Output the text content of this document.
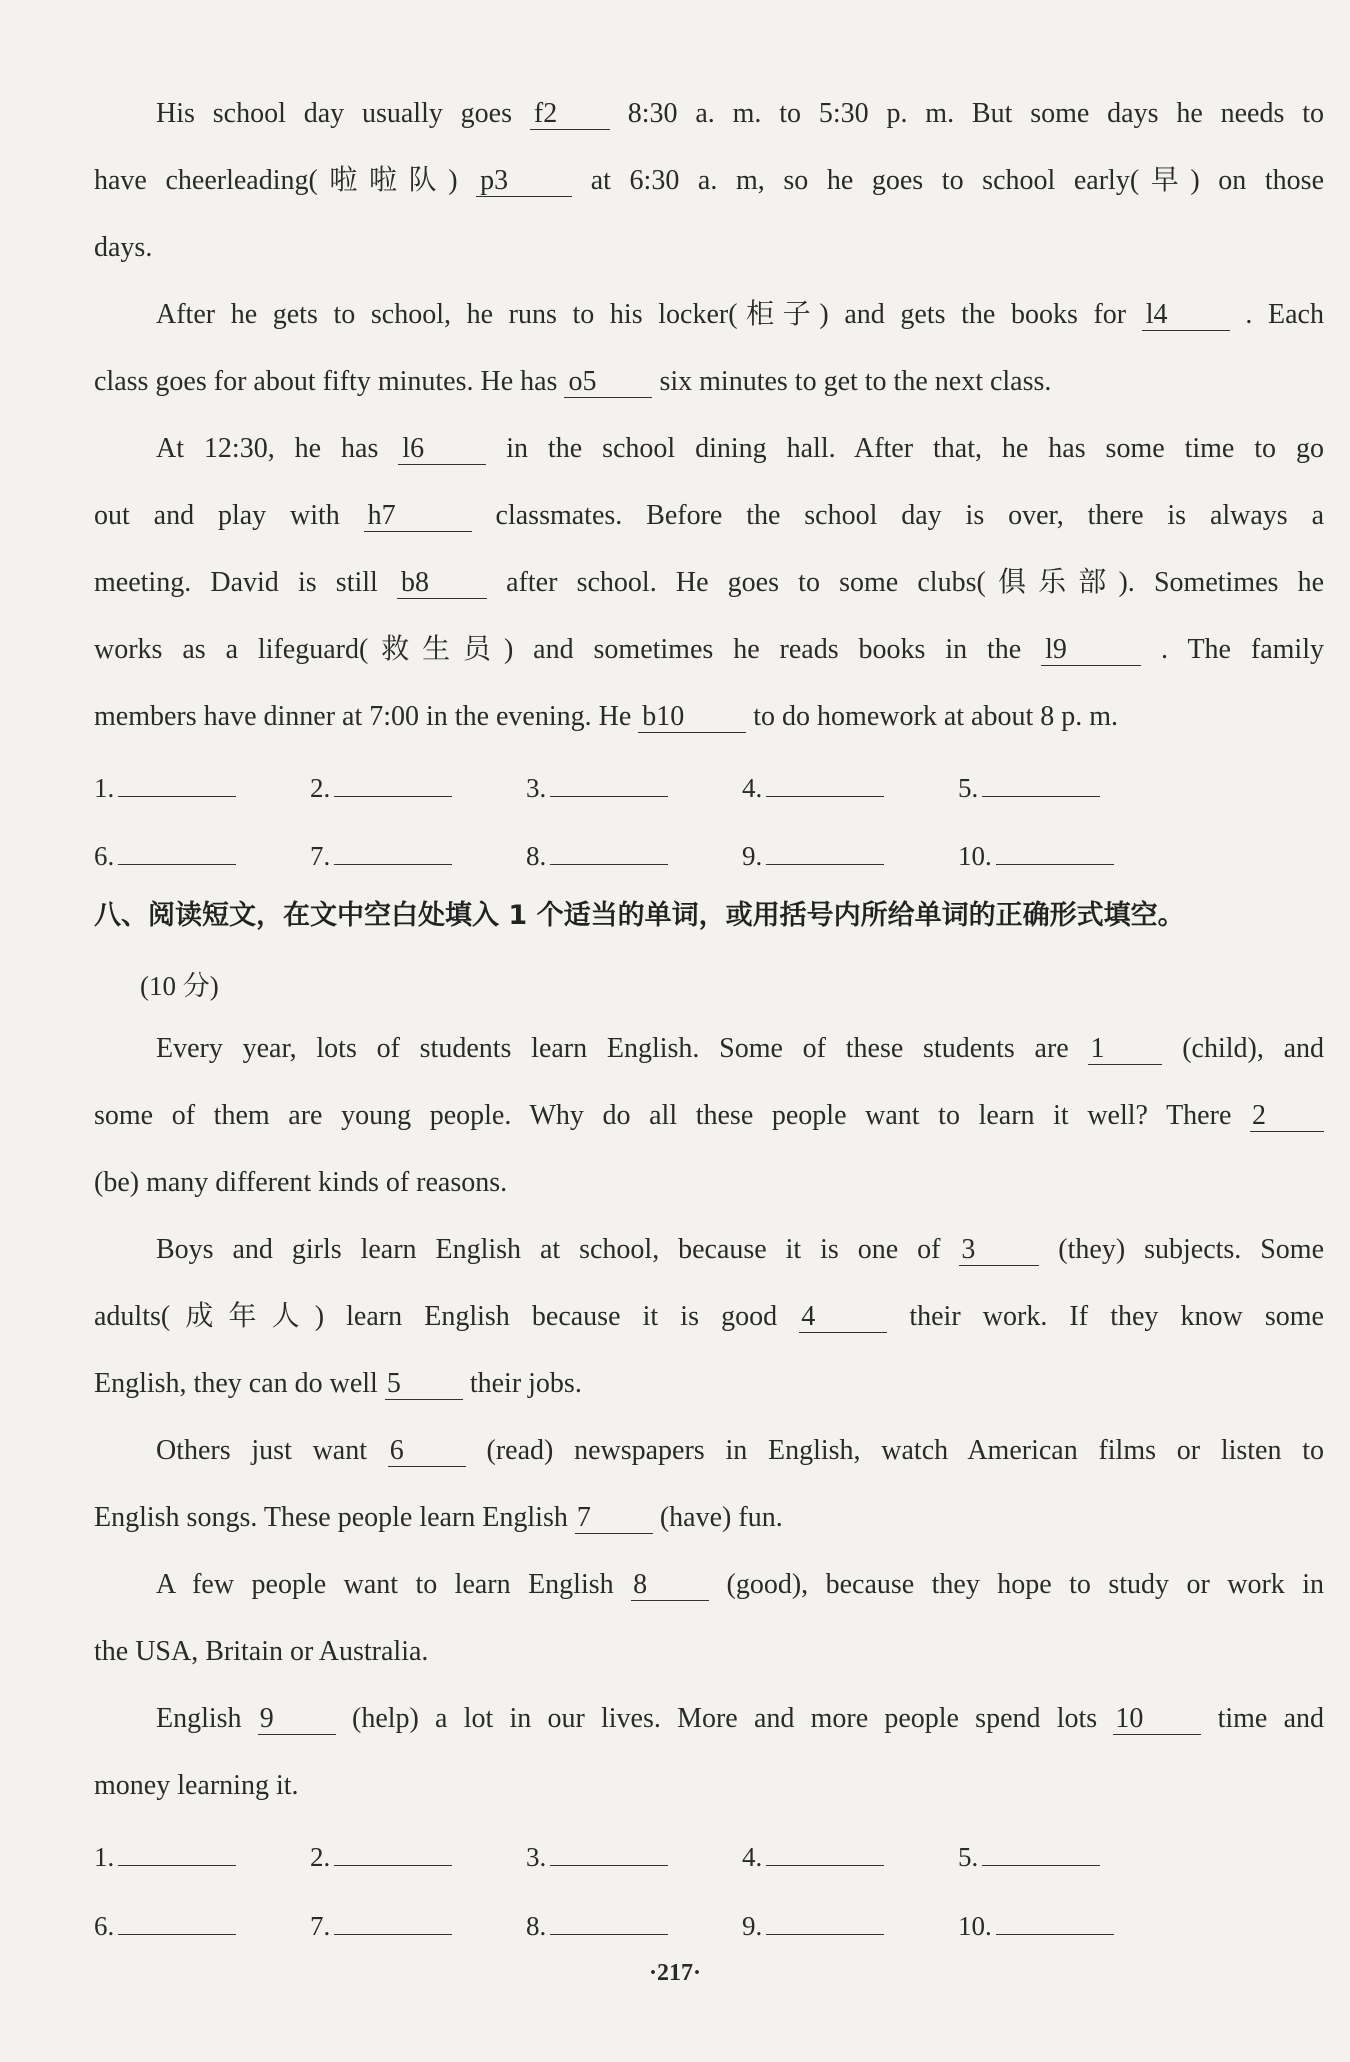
His school day usually goes f 2 8:30 a. m. to 5:30 p. m. But some days he needs to

have cheerleading(啦啦队) p 3 at 6:30 a. m, so he goes to school early(早) on those

days.

After he gets to school, he runs to his locker(柜子) and gets the books for l 4 . Each

class goes for about fifty minutes. He has o 5 six minutes to get to the next class.

At 12:30, he has l 6 in the school dining hall. After that, he has some time to go

out and play with h 7	classmates. Before the school day is over, there is always a

meeting. David is still b 8 after school. He goes to some clubs(俱乐部). Sometimes he

works as a lifeguard(救生员) and sometimes he reads books in the l 9	. The family

members have dinner at 7:00 in the evening. He b 10 to do homework at about 8 p. m.

1.	2.	3.	4.	5.
6.	7.	8.	9.	10.
八、阅读短文，在文中空白处填入 1 个适当的单词，或用括号内所给单词的正确形式填空。
(10 分)

Every year, lots of students learn English. Some of these students are 1 (child), and

some of them are young people. Why do all these people want to learn it well? There 2

(be) many different kinds of reasons.

Boys and girls learn English at school, because it is one of 3 (they) subjects. Some

adults(成年人) learn English because it is good 4	their work. If they know some

English, they can do well 5 their jobs.

Others just want 6 (read) newspapers in English, watch American films or listen to

English songs. These people learn English 7 (have) fun.

A few people want to learn English 8 (good), because they hope to study or work in

the USA, Britain or Australia.

English 9 (help) a lot in our lives. More and more people spend lots 10 time and

money learning it.

1.	2.	3.	4.	5.
6.	7.	8.	9.	10.
·217·
